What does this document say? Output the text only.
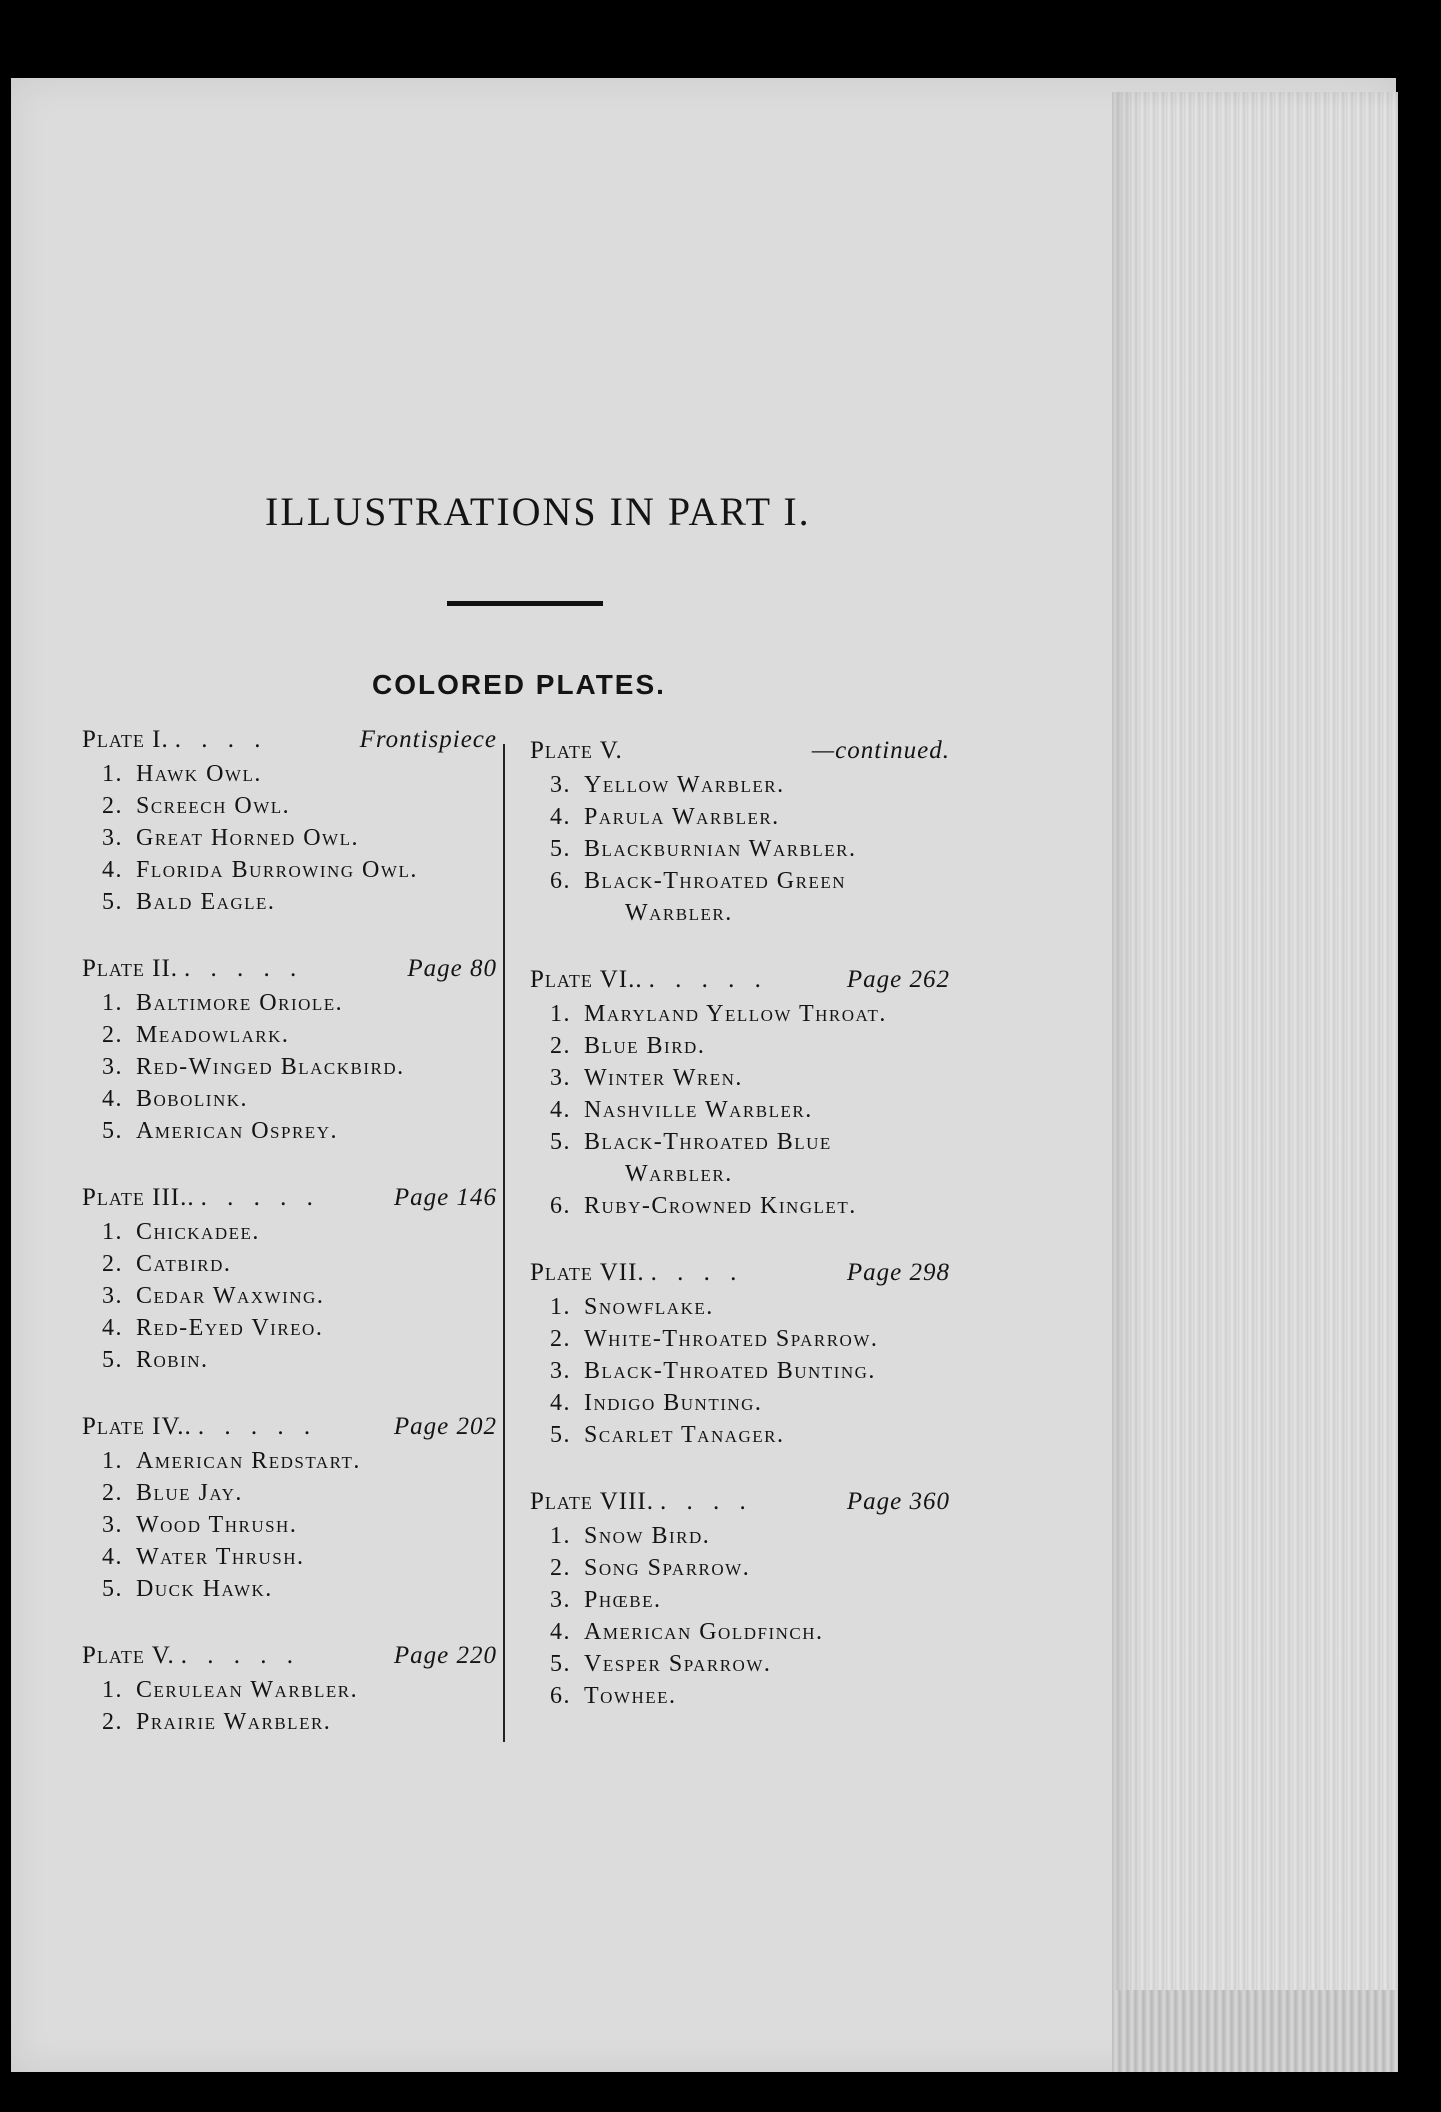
ILLUSTRATIONS IN PART I.
COLORED PLATES.
Plate I. . . . .	Frontispiece
1. Hawk Owl.
2. Screech Owl.
3. Great Horned Owl.
4. Florida Burrowing Owl.
5. Bald Eagle.
Plate II. . . . . .	Page 80
1. Baltimore Oriole.
2. Meadowlark.
3. Red-Winged Blackbird.
4. Bobolink.
5. American Osprey.
Plate III.. . . . . .	Page 146
1. Chickadee.
2. Catbird.
3. Cedar Waxwing.
4. Red-Eyed Vireo.
5. Robin.
Plate IV.. . . . . .	Page 202
1. American Redstart.
2. Blue Jay.
3. Wood Thrush.
4. Water Thrush.
5. Duck Hawk.
Plate V. . . . . .	Page 220
1. Cerulean Warbler.
2. Prairie Warbler.
Plate V.	—continued.
3. Yellow Warbler.
4. Parula Warbler.
5. Blackburnian Warbler.
6. Black-Throated Green
Warbler.
Plate VI.. . . . . .	Page 262
1. Maryland Yellow Throat.
2. Blue Bird.
3. Winter Wren.
4. Nashville Warbler.
5. Black-Throated Blue
Warbler.
6. Ruby-Crowned Kinglet.
Plate VII. . . . .	Page 298
1. Snowflake.
2. White-Throated Sparrow.
3. Black-Throated Bunting.
4. Indigo Bunting.
5. Scarlet Tanager.
Plate VIII. . . . .	Page 360
1. Snow Bird.
2. Song Sparrow.
3. Phœbe.
4. American Goldfinch.
5. Vesper Sparrow.
6. Towhee.
